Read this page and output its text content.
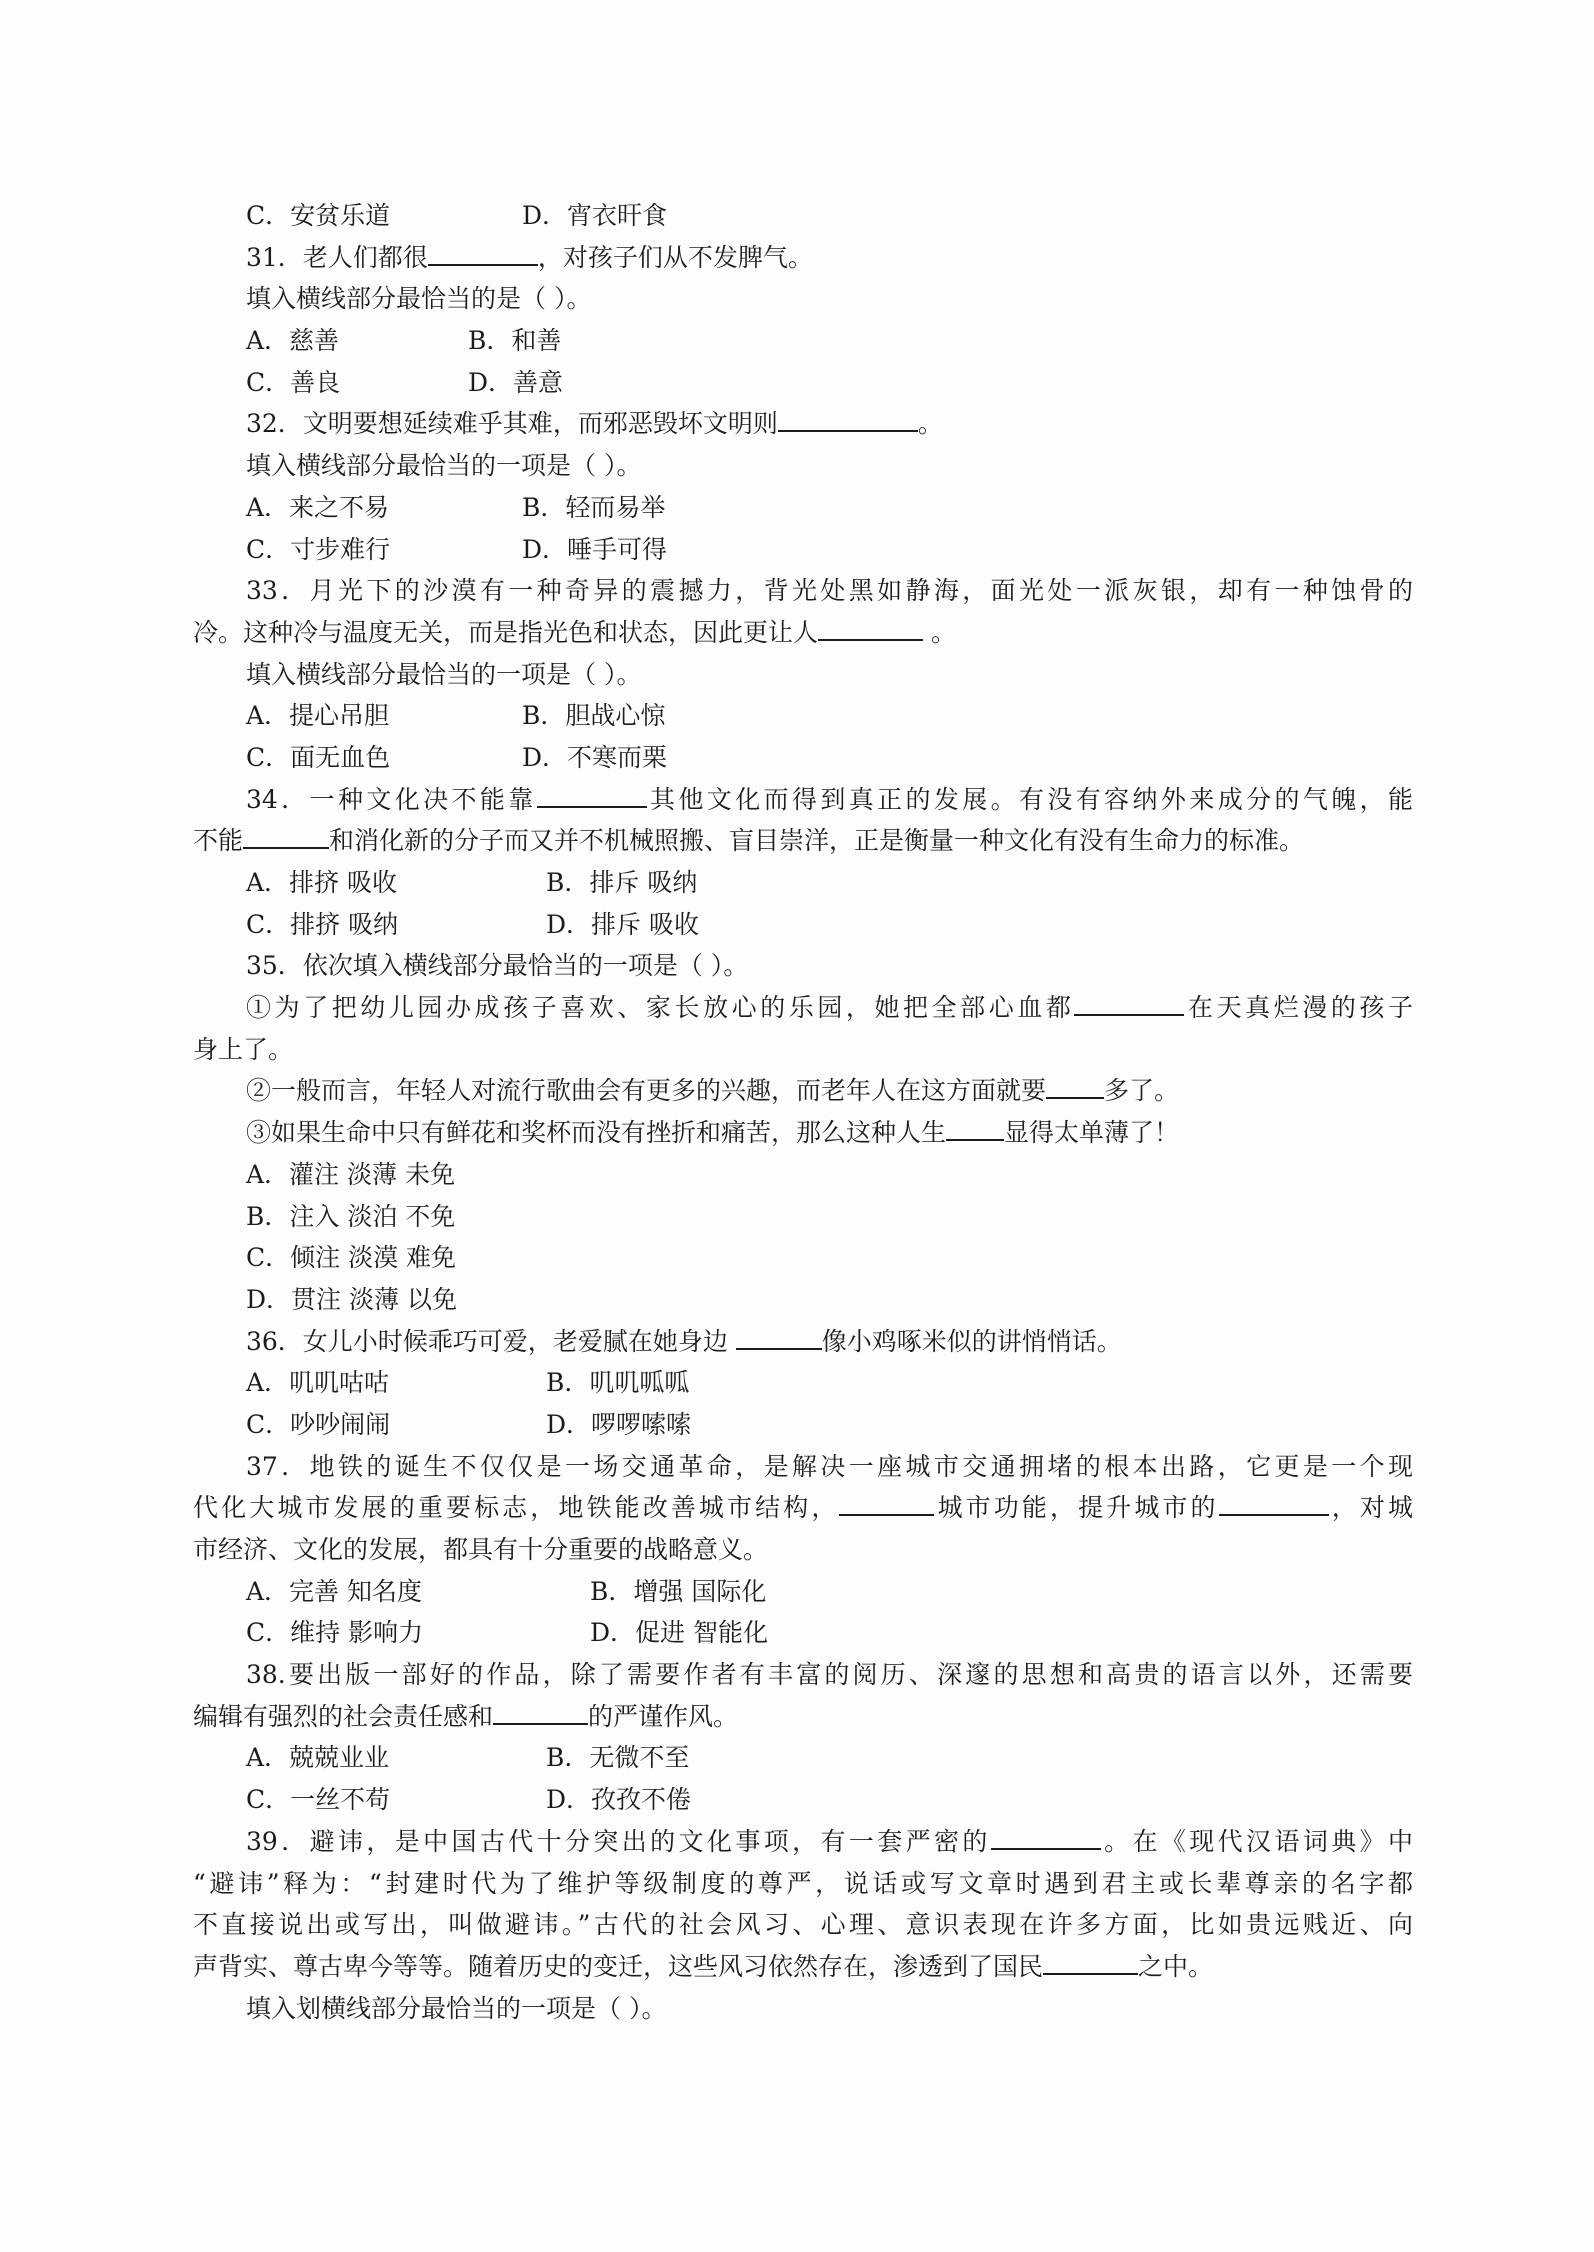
C．安贫乐道	D．宵衣旰食
31．老人们都很	，对孩子们从不发脾气。
填入横线部分最恰当的是（ ）。
A．慈善	B．和善
C．善良	D．善意
32．文明要想延续难乎其难，而邪恶毁坏文明则	。
填入横线部分最恰当的一项是（ ）。
A．来之不易	B．轻而易举
C．寸步难行	D．唾手可得
33．月光下的沙漠有一种奇异的震撼力，背光处黑如静海，面光处一派灰银，却有一种蚀骨的
冷。这种冷与温度无关，而是指光色和状态，因此更让人	。
填入横线部分最恰当的一项是（ ）。
A．提心吊胆	B．胆战心惊
C．面无血色	D．不寒而栗
34．一种文化决不能靠	其他文化而得到真正的发展。有没有容纳外来成分的气魄，能
不能	和消化新的分子而又并不机械照搬、盲目崇洋，正是衡量一种文化有没有生命力的标准。
A．排挤 吸收	B．排斥 吸纳
C．排挤 吸纳	D．排斥 吸收
35．依次填入横线部分最恰当的一项是（ ）。
①为了把幼儿园办成孩子喜欢、家长放心的乐园，她把全部心血都	在天真烂漫的孩子
身上了。
②一般而言，年轻人对流行歌曲会有更多的兴趣，而老年人在这方面就要 多了。
③如果生命中只有鲜花和奖杯而没有挫折和痛苦，那么这种人生 显得太单薄了！
A．灌注 淡薄 未免
B．注入 淡泊 不免
C．倾注 淡漠 难免
D．贯注 淡薄 以免
36．女儿小时候乖巧可爱，老爱腻在她身边	像小鸡啄米似的讲悄悄话。
A．叽叽咕咕	B．叽叽呱呱
C．吵吵闹闹	D．啰啰嗦嗦
37．地铁的诞生不仅仅是一场交通革命，是解决一座城市交通拥堵的根本出路，它更是一个现
代化大城市发展的重要标志，地铁能改善城市结构，	城市功能，提升城市的	，对城
市经济、文化的发展，都具有十分重要的战略意义。
A．完善 知名度	B．增强 国际化
C．维持 影响力	D．促进 智能化
38.要出版一部好的作品，除了需要作者有丰富的阅历、深邃的思想和高贵的语言以外，还需要
编辑有强烈的社会责任感和	的严谨作风。
A．兢兢业业	B．无微不至
C．一丝不苟	D．孜孜不倦
39．避讳，是中国古代十分突出的文化事项，有一套严密的	。在《现代汉语词典》中
“避讳”释为：“封建时代为了维护等级制度的尊严，说话或写文章时遇到君主或长辈尊亲的名字都
不直接说出或写出，叫做避讳。”古代的社会风习、心理、意识表现在许多方面，比如贵远贱近、向
声背实、尊古卑今等等。随着历史的变迁，这些风习依然存在，渗透到了国民	之中。
填入划横线部分最恰当的一项是（ ）。
